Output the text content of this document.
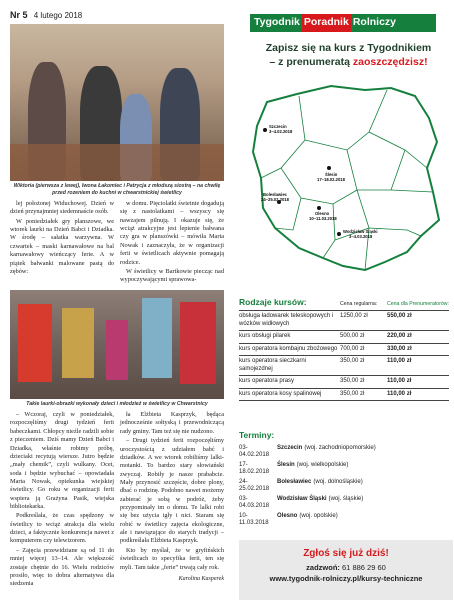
Nr 5 4 lutego 2018
Wiktoria (pierwsza z lewej), Iwona Łakomiec i Patrycja z młodszą siostrą – na chwilę przed rozeniem do kuchni w chwarstnickiej świetlicy

lej położonej Widuchowej. Dzień w dzień przynajmniej siedemnaście osób.

W poniedziałek gry planszowe, we wtorek laurki na Dzień Babci i Dziadka. W środę – sałatka warzywna. W czwartek – maski karnawałowe na bal karnawałowy wieńczący ferie. A w piątek bałwanki malowane pastą do zębów:

w domu. Pięciolatki świetnie dogadują się z nastolatkami – wszyscy się nawzajem pilnują. I okazuje się, że wciąż atrakcyjne jest lepienie bałwana czy gra w planszówki – mówiła Marta Nowak i zaznaczyła, że w organizacji ferii w świetlicach aktywnie pomagają rodzice.

W świetlicy w Bartkowie piecząc nad wypoczywającymi sprawowa-

Takie laurki-obrazki wykonały dzieci i młodzież w świetlicy w Chwarstnicy

– Wczoraj, czyli w poniedziałek, rozpoczęliśmy drugi tydzień ferii babeczkami. Chłopcy nieźle radzili sobie z pieczeniem. Dziś mamy Dzień Babci i Dziadka, właśnie robimy próbę, dzieciaki recytują wiersze. Jutro będzie „mały chemik”, czyli wulkany. Ocet, soda i będzie wybuchać – opowiadała Marta Nowak, opiekunka wiejskiej świetlicy. Go roku w organizacji ferii wspiera ją Grażyna Pasik, wiejska bibliotekarka.

Podkreślała, że czas spędzony w świetlicy to wciąż atrakcja dla wielu dzieci, a faktycznie konkurencja nawet z komputerem czy telewizorem.

– Zajęcia przewidziane są od 11 do mniej więcej 13–14. Ale większość zostaje chętnie do 16. Wielu rodziców prosiło, więc to dobra alternatywa dla siedzenia

ła Elżbieta Kasprzyk, będąca jednocześnie sołtyską i przewodniczącą rady gminy. Tam też się nie nudzono.

– Drugi tydzień ferii rozpoczęliśmy uroczystością z udziałem babć i dziadków. A we wtorek robiliśmy lalki-motanki. To bardzo stary słowiański zwyczaj. Robiły je nasze prababcie. Mały przynosić szczęście, dobre plony, dbać o rodzinę. Podobno nawet możemy zabierać je sobą w podróż, żeby przypominały im o domu. Te lalki robi się bez użycia igły i nici. Staram się robić w świetlicy zajęcia ekologiczne, ale i nawiązujące do starych tradycji – podkreślała Elżbieta Kasprzyk.

Kto by myślał, że w gryfińskich świetlicach to specyfika ferii, ten się myli. Tam takie „ferie” trwają cały rok.

Karolina Kasperek
Tygodnik Poradnik Rolniczy
Zapisz się na kurs z Tygodnikiem
– z prenumeratą zaoszczędzisz!
Szczecin
3–4.02.2018
Ślesin
17–18.02.2018
Bolesławiec
24–25.02.2018
Olesno
10–11.03.2018
Wodzisław Śląski
3–4.03.2018
Rodzaje kursów:	Cena regularna:	Cena dla Prenumeratorów:
obsługa ładowarek teleskopowych i wózków widłowych
1250,00 zł	550,00 zł
kurs obsługi pilarek	500,00 zł	220,00 zł
kurs operatora kombajnu zbożowego 700,00 zł	330,00 zł
kurs operatora sieczkarni samojezdnej
350,00 zł	110,00 zł
kurs operatora prasy	350,00 zł	110,00 zł
kurs operatora kosy spalinowej	350,00 zł	110,00 zł
Terminy:
03-04.02.2018
Szczecin (woj. zachodniopomorskie)
17-18.02.2018
Ślesin (woj. wielkopolskie)
24-25.02.2018
Bolesławiec (woj. dolnośląskie)
03-04.03.2018
Wodzisław Śląski (woj. śląskie)
10-11.03.2018
Olesno (woj. opolskie)
Zgłoś się już dziś!
zadzwoń: 61 886 29 60
www.tygodnik-rolniczy.pl/kursy-techniczne
